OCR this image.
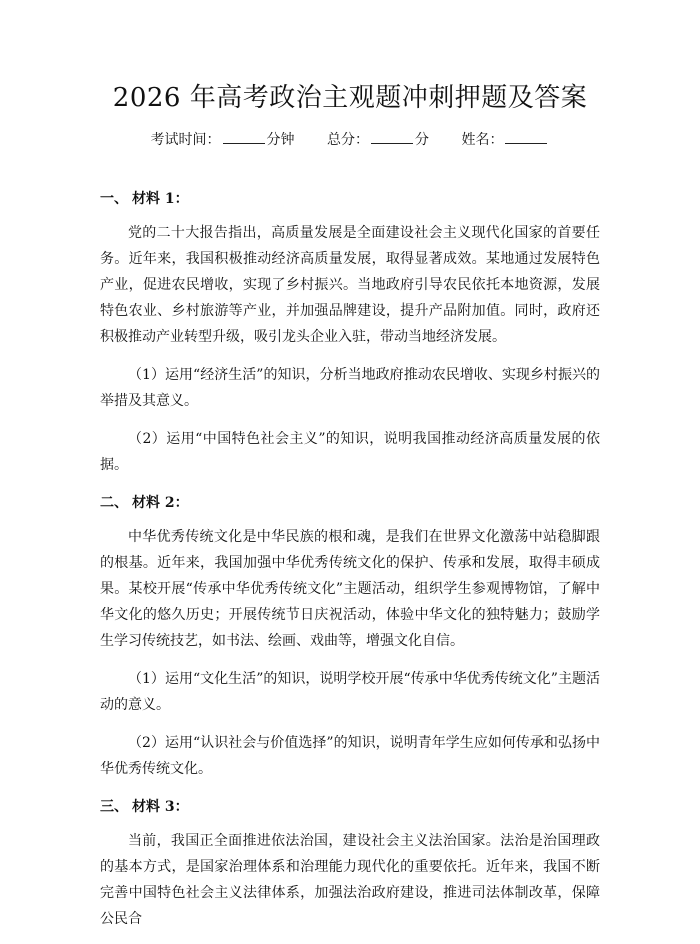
2026 年高考政治主观题冲刺押题及答案
考试时间：	分钟 总分：	分 姓名：

一、 材料 1：

党的二十大报告指出，高质量发展是全面建设社会主义现代化国家的首要任务。近年来，我国积极推动经济高质量发展，取得显著成效。某地通过发展特色产业，促进农民增收，实现了乡村振兴。当地政府引导农民依托本地资源，发展特色农业、乡村旅游等产业，并加强品牌建设，提升产品附加值。同时，政府还积极推动产业转型升级，吸引龙头企业入驻，带动当地经济发展。

（1）运用“经济生活”的知识，分析当地政府推动农民增收、实现乡村振兴的举措及其意义。

（2）运用“中国特色社会主义”的知识，说明我国推动经济高质量发展的依据。

二、 材料 2：

中华优秀传统文化是中华民族的根和魂，是我们在世界文化激荡中站稳脚跟的根基。近年来，我国加强中华优秀传统文化的保护、传承和发展，取得丰硕成果。某校开展“传承中华优秀传统文化”主题活动，组织学生参观博物馆，了解中华文化的悠久历史；开展传统节日庆祝活动，体验中华文化的独特魅力；鼓励学生学习传统技艺，如书法、绘画、戏曲等，增强文化自信。

（1）运用“文化生活”的知识，说明学校开展“传承中华优秀传统文化”主题活动的意义。

（2）运用“认识社会与价值选择”的知识，说明青年学生应如何传承和弘扬中华优秀传统文化。

三、 材料 3：

当前，我国正全面推进依法治国，建设社会主义法治国家。法治是治国理政的基本方式，是国家治理体系和治理能力现代化的重要依托。近年来，我国不断完善中国特色社会主义法律体系，加强法治政府建设，推进司法体制改革，保障公民合
